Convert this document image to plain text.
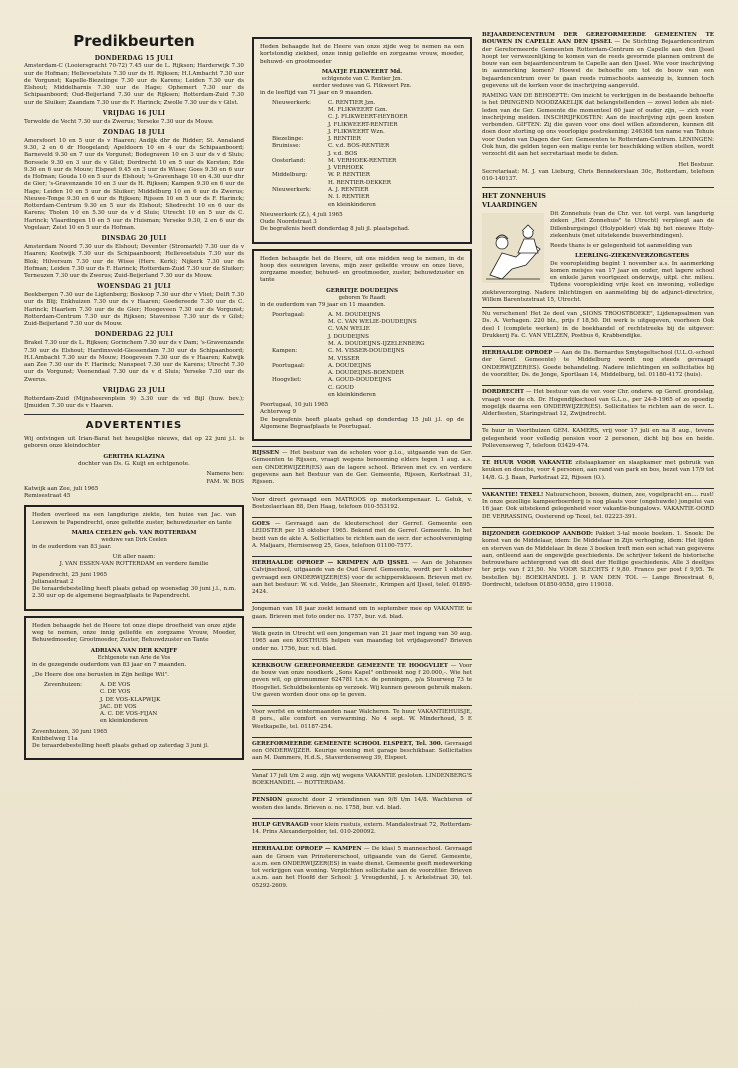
Predikbeurten
DONDERDAG 15 JULI

Amsterdam-C (Looiersgracht 70-72) 7.45 uur de L. Rijksen; Harderwijk 7.30 uur de Hofman; Hellevoetsluis 7.30 uur ds H. Rijksen; H.I.Ambacht 7.30 uur de Vorgunst; Kapelle-Biezelinge 7.30 uur ds Karens; Leiden 7.30 uur ds Elshout; Middelharnis 7.30 uur de Hage; Ophemert 7.30 uur ds Schipaanboord; Oud-Beijerland 7.30 uur de Rijksen; Rotterdam-Zuid 7.30 uur de Sluiker; Zaandam 7.30 uur ds F. Harinck; Zwolle 7.30 uur ds v Gilst.

VRIJDAG 16 JULI

Terwolde de Vecht 7.30 uur ds Zwerus; Yerseke 7.30 uur ds Mouw.

ZONDAG 18 JULI

Amersfoort 10 en 5 uur ds v Haaren; Andijk dhr de Ridder; St. Annaland 9.30, 2 en 6 dr Hoogeland; Apeldoorn 10 en 4 uur ds Schipaanboord; Barneveld 9.30 en 7 uur ds Vorgunst; Bodegraven 10 en 3 uur ds v d Sluis; Borssele 9.30 en 3 uur ds v Gilst; Dordrecht 10 en 5 uur ds Kersten; Ede 9.30 en 6 uur ds Mouw; Elspeet 9.45 en 3 uur ds Wisse; Goes 9.30 en 6 uur ds Hofman; Gouda 10 en 5 uur ds Elshout; 's-Gravenhage 10 en 4.30 uur dhr de Gier; 's-Gravenzande 10 en 3 uur ds H. Rijksen; Kampen 9.30 en 6 uur de Hage; Leiden 10 en 5 uur de Sluiker; Middelburg 10 en 6 uur ds Zwerus; Nieuwe-Tonge 9.30 en 6 uur ds Rijksen; Rijssen 10 en 5 uur ds F. Harinck; Rotterdam-Centrum 9.30 en 5 uur ds Elshout; Sliedrecht 10 en 6 uur ds Karens; Tholen 10 en 5.30 uur ds v d Sluis; Utrecht 10 en 5 uur ds C. Harinck; Vlaardingen 10 en 5 uur ds Huisman; Yerseke 9.30, 2 en 6 uur ds Vogelaar; Zeist 10 en 5 uur ds Hofman.

DINSDAG 20 JULI

Amsterdam Noord 7.30 uur ds Elshout; Deventer (Stromarkt) 7.30 uur ds v Haaren; Kootwijk 7.30 uur ds Schipaanboord; Hellevoetsluis 7.30 uur ds Blok; Hilversum 7.30 uur de Wisse (Herv. Kerk); Nijkerk 7.30 uur ds Hofman; Leiden 7.30 uur ds F. Harinck; Rotterdam-Zuid 7.30 uur de Sluiker; Terneuzen 7.30 uur ds Zwerus; Zuid-Beijerland 7.30 uur ds Mouw.

WOENSDAG 21 JULI

Beekbergen 7.30 uur de Ligtenberg; Boskoop 7.30 uur dhr v Vliet; Delft 7.30 uur ds Blij; Enkhuizen 7.30 uur ds v Haaren; Goedereede 7.30 uur ds C. Harinck; Haarlem 7.30 uur de de Gier; Hoogeveen 7.30 uur ds Vorgunst; Rotterdam-Centrum 7.30 uur ds Rijksen; Stavenisse 7.30 uur ds v Gilst; Zuid-Beijerland 7.30 uur ds Mouw.

DONDERDAG 22 JULI

Brakel 7.30 uur ds L. Rijksen; Gorinchem 7.30 uur ds v Dam; 's-Gravenzande 7.30 uur ds Elshout; Hardinxveld-Giessendam 7.30 uur ds Schipaanboord; H.I.Ambacht 7.30 uur ds Mouw; Hoogeveen 7.30 uur ds v Haaren; Katwijk aan Zee 7.30 uur ds F. Harinck; Nunspeet 7.30 uur ds Karens; Utrecht 7.30 uur ds Vorgunst; Veenendaal 7.30 uur ds v d Sluis; Yerseke 7.30 uur ds Zwerus.

VRIJDAG 23 JULI

Rotterdam-Zuid (Mijnsheerenplein 9) 3.30 uur ds vd Bijl (huw. bev.); IJmuiden 7.30 uur ds v Haaren.

ADVERTENTIES

Wij ontvingen uit Irian-Barat het heugelijke nieuws, dat op 22 juni j.l. is geboren onze kleindochter

GERITHA KLAZINA

dochter van Ds. G. Kuijt en echtgenote.

Namens hen:
FAM. W. BOS
Katwijk aan Zee, juli 1965
Remisestraat 45

Heden overleed na een langdurige ziekte, ten huize van Jac. van Leeuwen te Papendrecht, onze geliefde zuster, behuwdzuster en tante

MARIA CEELEN geb. VAN ROTTERDAM
weduwe van Dirk Ceelen

in de ouderdom van 83 jaar.

Uit aller naam:

J. VAN ESSEN-VAN ROTTERDAM en verdere familie

Papendrecht, 25 juni 1965
Julianastraat 2

De teraardebestelling heeft plaats gehad op woensdag 30 juni j.l., n.m. 2.30 uur op de algemene begraafplaats te Papendrecht.

Heden behaagde het de Heere tot onze diepe droefheid van onze zijde weg te nemen, onze innig geliefde en zorgzame Vrouw, Moeder, Behuwdmoeder, Grootmoeder, Zuster, Behuwdzuster en Tante

ADRIANA VAN DER KNIJFF
Echtgenote van Arie de Vos

in de gezegende ouderdom van 83 jaar en 7 maanden.

„De Heere doe ons berusten in Zijn heilige Wil".

Zevenhuizen:	A. DE VOS
C. DE VOS
J. DE VOS-KLAPWIJK
JAC. DE VOS
A. C. DE VOS-FIJAN
en kleinkinderen
Zevenhuizen, 30 juni 1965
Knibbelweg 11a

De teraardebestelling heeft plaats gehad op zaterdag 3 juni jl.

Heden behaagde het de Heere van onze zijde weg te nemen na een kortstondig ziekbed, onze innig geliefde en zorgzame vrouw, moeder, behuwd- en grootmoeder

MAATJE FLIKWEERT Md.
echtgenote van C. Rentier Jzn.
eerder weduwe van G. Flikweert Pzn.

in de leeftijd van 71 jaar en 9 maanden.

Nieuwerkerk:	C. RENTIER Jzn.
M. FLIKWEERT Gzn.
C. J. FLIKWEERT-HEYBOER
J. FLIKWEERT-RENTIER
J. FLIKWEERT Wzn.
Biezelinge:	J. RENTIER
Bruinisse:	C. v.d. BOS-RENTIER
J. v.d. BOS
Oosterland:	M. VERHOEK-RENTIER
J. VERHOEK
Middelburg:	W. P. RENTIER
H. RENTIER-DEKKER
Nieuwerkerk:	A. J. RENTIER
N. I. RENTIER
en kleinkinderen
Nieuwerkerk (Z.), 4 juli 1965
Oude Noordstraat 3

De begrafenis heeft donderdag 8 juli jl. plaatsgehad.

Heden behaagde het de Heere, uit ons midden weg te nemen, in de hoop des eeuwigen levens, mijn zeer geliefde vrouw en onze lieve, zorgzame moeder, behuwd- en grootmoeder, zuster, behuwdzuster en tante

GERRITJE DOUDEIJNS
geboren Ye Raadt

in de ouderdom van 79 jaar en 11 maanden.

Poortugaal:	A. M. DOUDEIJNS
M. C. VAN WELIE-DOUDEIJNS
C. VAN WELIE
J. DOUDEIJNS
M. A. DOUDEIJNS-IJZELENBERG
Kampen:	C. M. VISSER-DOUDEIJNS
M. VISSER
Poortugaal:	A. DOUDEIJNS
A. DOUDEIJNS-BOENDER
Hoogvliet:	A. GOUD-DOUDEIJNS
C. GOUD
en kleinkinderen
Poortugaal, 10 juli 1965
Achterweg 9

De begrafenis heeft plaats gehad op donderdag 15 juli j.l. op de Algemene Begraafplaats te Poortugaal.

RIJSSEN — Het bestuur van de scholen voor g.l.o., uitgaande van de Ger. Gemeenten te Rijssen, vraagt wegens benoeming elders tegen 1 aug. a.s. een ONDERWIJZER(ES) aan de lagere school. Brieven met cv. en verdere gegevens aan het Bestuur van de Ger. Gemeente, Rijssen, Kerkstraat 31, Rijssen.

Voor direct gevraagd een MATROOS op motorkempenaar. L. Geluk, v. Boetzelaerlaan 88, Den Haag, telefoon 010-553192.

GOES — Gevraagd aan de kleuterschool der Gerref. Gemeente een LEIDSTER per 15 oktober 1965. Bekend met de Gerref. Gemeente. In het bezit van de akte A. Sollicitaties te richten aan de secr. der schoolvereniging A. Maljaars, Herniseweg 25, Goes, telefoon 01100-7577.

HERHAALDE OPROEP — KRIMPEN A/D IJSSEL — Aan de Johannes Calvijnschool, uitgaande van de Oud Geref. Gemeente, wordt per 1 oktober gevraagd een ONDERWIJZER(ES) voor de schippersklassen. Brieven met cv. aan het bestuur: W. v.d. Velde, Jan Steenstr., Krimpen a/d IJssel, telef. 01895-2424.

Jongeman van 18 jaar zoekt iemand om in september mee op VAKANTIE te gaan. Brieven met foto onder no. 1757, bur. v.d. blad.

Welk gezin in Utrecht wil een jongeman van 21 jaar met ingang van 30 aug. 1965 aan een KOSTHUIS helpen van maandag tot vrijdagavond? Brieven onder no. 1756, bur. v.d. blad.

KERKBOUW GEREFORMEERDE GEMEENTE TE HOOGVLIET — Voor de bouw van onze noodkerk „Sons Kapel" ontbreekt nog f 20.000,-. Wie het geven wil, op gironummer 624781 t.n.v. de penningm., p/a Stuurweg 73 te Hoogvliet. Schuldbekentenis op verzoek. Wij kunnen gewoon gebruik maken. Uw gaven worden door ons op te geven.

Voor werfst en wintermaanden naar Walcheren. Te huur VAKANTIEHUISJE, 8 pers., alle comfort en verwarming. No 4 sept. W. Minderhoud, 5 E Westkapelle, tel. 01187-254.

GEREFORMEERDE GEMEENTE SCHOOL ELSPEET, Tel. 300. Gevraagd een ONDERWIJZER. Keurige woning met garage beschikbaar. Sollicitaties aan M. Dammers, H.d.S., Staverdenseweg 39, Elspeet.

Vanaf 17 juli t/m 2 aug. zijn wij wegens VAKANTIE gesloten. LINDENBERG'S BOEKHANDEL — ROTTERDAM.

PENSION gezocht door 2 vriendinnen van 9/8 t/m 14/8. Wachteren of westen des lands. Brieven o. no. 1758, bur. v.d. blad.

HULP GEVRAAGD voor klein rustuis, extern. Mandalestraat 72, Rotterdam-14. Prins Alexanderpolder, tel. 010-200092.

HERHAALDE OPROEP — KAMPEN — De klas) 5 manneschool. Gevraagd aan de Groen van Prinstererschool, uitgaande van de Geref. Gemeente, a.s.m. een ONDERWIJZER(ES) in vaste dienst. Gemeente geeft medewerking tot verkrijgen van woning. Verplichten sollicitatie aan de voorzitter. Brieven a.s.m. aan het Hoofd der School: J. Vreugdenhil, J. v. Arkelstraat 30, tel. 05292-2609.

BEJAARDENCENTRUM DER GEREFORMEERDE GEMEENTEN TE BOUWEN IN CAPELLE AAN DEN IJSSEL — De Stichting Bejaardencentrum der Gereformeerde Gemeenten Rotterdam-Centrum en Capelle aan den IJssel hoopt ter verwezenlijking te komen van de reeds gevormde plannen omtrent de bouw van een bejaardencentrum te Capelle aan den IJssel. Wie voor inschrijving in aanmerking komen? Hoewel de behoefte om tot de bouw van een bejaardencentrum over te gaan reeds ruimschoots aanwezig is, kunnen toch gegevens uit de kerken voor de inschrijving aangevuld.

RAMING VAN DE BEHOEFTE: Om inzicht te verkrijgen in de bestaande behoefte is het DRINGEND NOODZAKELIJK dat belangstellenden — zowel leden als niet-leden van de Ger. Gemeente die momenteel 60 jaar of ouder zijn, — zich voor inschrijving melden. INSCHRIJFKOSTEN: Aan de inschrijving zijn geen kosten verbonden. GIFTEN: Zij die gaven voor ons doel willen afzonderen, kunnen dit doen door storting op ons voorlopige postrekening: 246368 ten name van Tehuis voor Ouden van Dagen der Ger. Gemeenten te Rotterdam-Centrum. LENINGEN: Ook hun, die gelden tegen een matige rente ter beschikking willen stellen, wordt verzocht dit aan het secretariaat mede te delen.

Het Bestuur.

Secretariaat: M. J. van Lieburg, Chris Bennekerslaan 30c, Rotterdam, telefoon 010-140137.

HET ZONNEHUIS
VLAARDINGEN

Dit Zonnehuis (van de Chr. ver. tot verpl. van langdurig zieken „Het Zonnehuis" te Utrecht) verpleegt aan de Dillenburgsingel (Holypolder) vlak bij het nieuwe Holy-ziekenhuis (met uitstekende busverbindingen).

Reeds thans is er gelegenheid tot aanmelding van

LEERLING-ZIEKENVERZORGSTERS

De vooropleiding begint 1 november a.s. In aanmerking komen meisjes van 17 jaar en ouder, met lagere school en enkele jaren voortgezet onderwijs, uitpl. chr. milieu. Tijdens vooropleiding vrije kost en inwoning, volledige ziekteverzorging. Nadere inlichtingen en aanmelding bij de adjunct-directrice, Willem Barentszstraat 15, Utrecht.

Nu verschenen! Het 2e deel van „SIONS TROOSTBOEKE", Lijdenspsalmen van Ds. A. Verhagen. 220 blz., prijs f 18,50. Dit werk is uitgegeven, voorheen Ook deel I (complete werken) in de boekhandel of rechtstreeks bij de uitgever: Drukkerij Fa. C. VAN VELZEN, Postbus 6, Krabbendijke.

HERHAALDE OPROEP — Aan de Ds. Bernardus Smytegeltschool (U.L.O.-school der Geref. Gemeente) te Middelburg wordt nog steeds gevraagd ONDERWIJZER(ES). Goede behandeling. Nadere inlichtingen en sollicitaties bij de voorzitter, Ds. de Jonge, Sportlaan 14, Middelburg, tel. 01180-4172 (huis).

DORDRECHT — Het bestuur van de ver. voor Chr. onderw. op Geref. grondslag, vraagt voor de ch. Dr. Hogendijkschool van G.L.o., per 24-8-1965 of zo spoedig mogelijk daarna een ONDERWIJZER(ES). Sollicitaties te richten aan de secr. L. Alderliesten, Staringstraat 12, Zwijndrecht.

Te huur in Voorthuizen GEM. KAMERS, vrij voor 17 juli en na 8 aug., tevens gelegenheid voor volledig pension voor 2 personen, dicht bij bos en heide. Pollevenseweg 7, telefoon 03429-474.

TE HUUR VOOR VAKANTIE zitslaapkamer en slaapkamer met gebruik van keuken en douche, voor 4 personen, aan rand van park en bos, bezet van 17/9 tot 14/8. G. J. Baan, Parkstraat 22, Rijssen (O.).

VAKANTIE! TEXEL! Natuurschoon, bossen, duinen, zee, vogelpracht en.... rust! In onze gezellige kampeerboerderij is nog plaats voor (ongehuwde) jongelui van 16 jaar. Ook uitstekend gelegenheid voor vakantie-bungalows. VAKANTIE-OORD DE VERRASSING, Oosterend op Texel, tel. 02223-391.

BIJZONDER GOEDKOOP AANBOD: Pakket 3-tal mooie boeken. 1. Snoek: De komst van de Middelaar, idem: De Middelaar in Zijn verhoging, idem: Het lijden en sterven van de Middelaar. In deze 3 boeken treft men een schat van gegevens aan, ontleend aan de ongewijde geschiedenis. De schrijver tekent de historische betrouwbare achtergrond van dit deel der Heilige geschiedenis. Alle 3 deeltjes ter prijs van f 21,50. Nu VOOR SLECHTS f 9,80. Franco per post f 9,95. Te bestellen bij: BOEKHANDEL J. P. VAN DEN TOL — Lange Breestraat 6, Dordrecht, telefoon 01850-9558, giro 119018.
